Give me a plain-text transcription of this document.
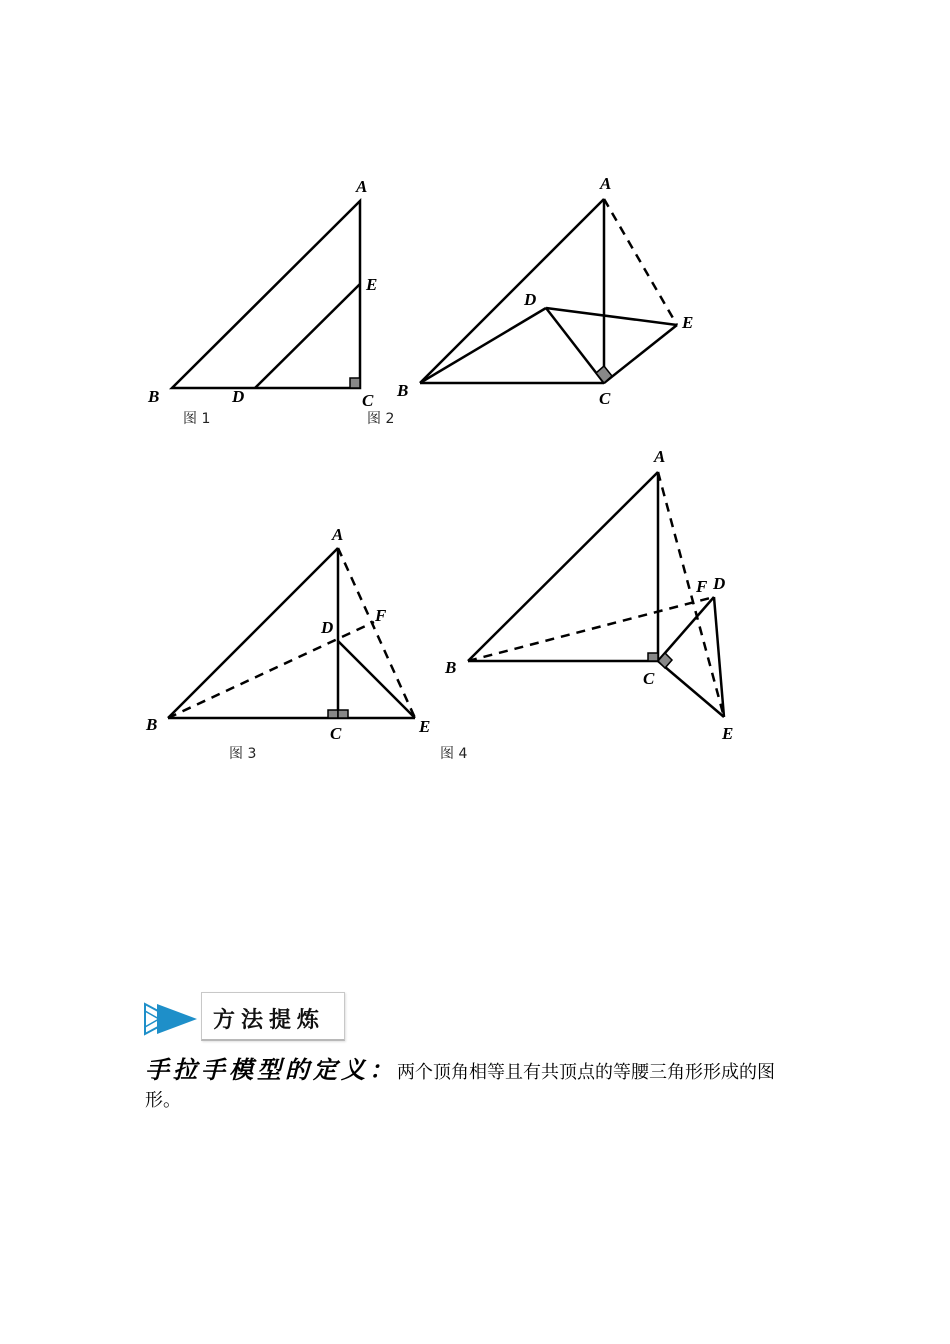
A
E
B	D	C
图 1
A
D
E
B	C
图 2
A
F
D
B	E
C
图 3
A
F D
B
C
E
图 4
方法提炼
手拉手模型的定义：两个顶角相等且有共顶点的等腰三角形形成的图形。
